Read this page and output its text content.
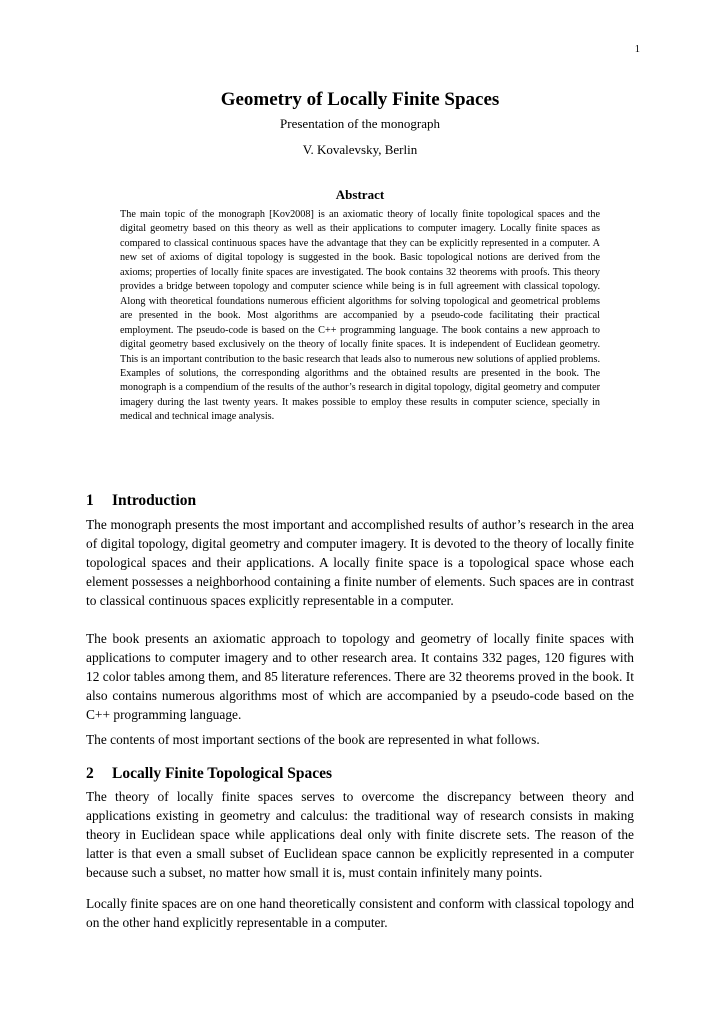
1
Geometry of Locally Finite Spaces
Presentation of the monograph
V. Kovalevsky, Berlin
Abstract

The main topic of the monograph [Kov2008] is an axiomatic theory of locally finite topological spaces and the digital geometry based on this theory as well as their applications to computer imagery. Locally finite spaces as compared to classical continuous spaces have the advantage that they can be explicitly represented in a computer. A new set of axioms of digital topology is suggested in the book. Basic topological notions are derived from the axioms; properties of locally finite spaces are investigated. The book contains 32 theorems with proofs. This theory provides a bridge between topology and computer science while being is in full agreement with classical topology. Along with theoretical foundations numerous efficient algorithms for solving topological and geometrical problems are presented in the book. Most algorithms are accompanied by a pseudo-code facilitating their practical employment. The pseudo-code is based on the C++ programming language. The book contains a new approach to digital geometry based exclusively on the theory of locally finite spaces. It is independent of Euclidean geometry. This is an important contribution to the basic research that leads also to numerous new solutions of applied problems. Examples of solutions, the corresponding algorithms and the obtained results are presented in the book. The monograph is a compendium of the results of the author’s research in digital topology, digital geometry and computer imagery during the last twenty years. It makes possible to employ these results in computer science, specially in medical and technical image analysis.

1 Introduction

The monograph presents the most important and accomplished results of author’s research in the area of digital topology, digital geometry and computer imagery. It is devoted to the theory of locally finite topological spaces and their applications. A locally finite space is a topological space whose each element possesses a neighborhood containing a finite number of elements. Such spaces are in contrast to classical continuous spaces explicitly representable in a computer.

The book presents an axiomatic approach to topology and geometry of locally finite spaces with applications to computer imagery and to other research area. It contains 332 pages, 120 figures with 12 color tables among them, and 85 literature references. There are 32 theorems proved in the book. It also contains numerous algorithms most of which are accompanied by a pseudo-code based on the C++ programming language.

The contents of most important sections of the book are represented in what follows.

2 Locally Finite Topological Spaces

The theory of locally finite spaces serves to overcome the discrepancy between theory and applications existing in geometry and calculus: the traditional way of research consists in making theory in Euclidean space while applications deal only with finite discrete sets. The reason of the latter is that even a small subset of Euclidean space cannon be explicitly represented in a computer because such a subset, no matter how small it is, must contain infinitely many points.

Locally finite spaces are on one hand theoretically consistent and conform with classical topology and on the other hand explicitly representable in a computer.
